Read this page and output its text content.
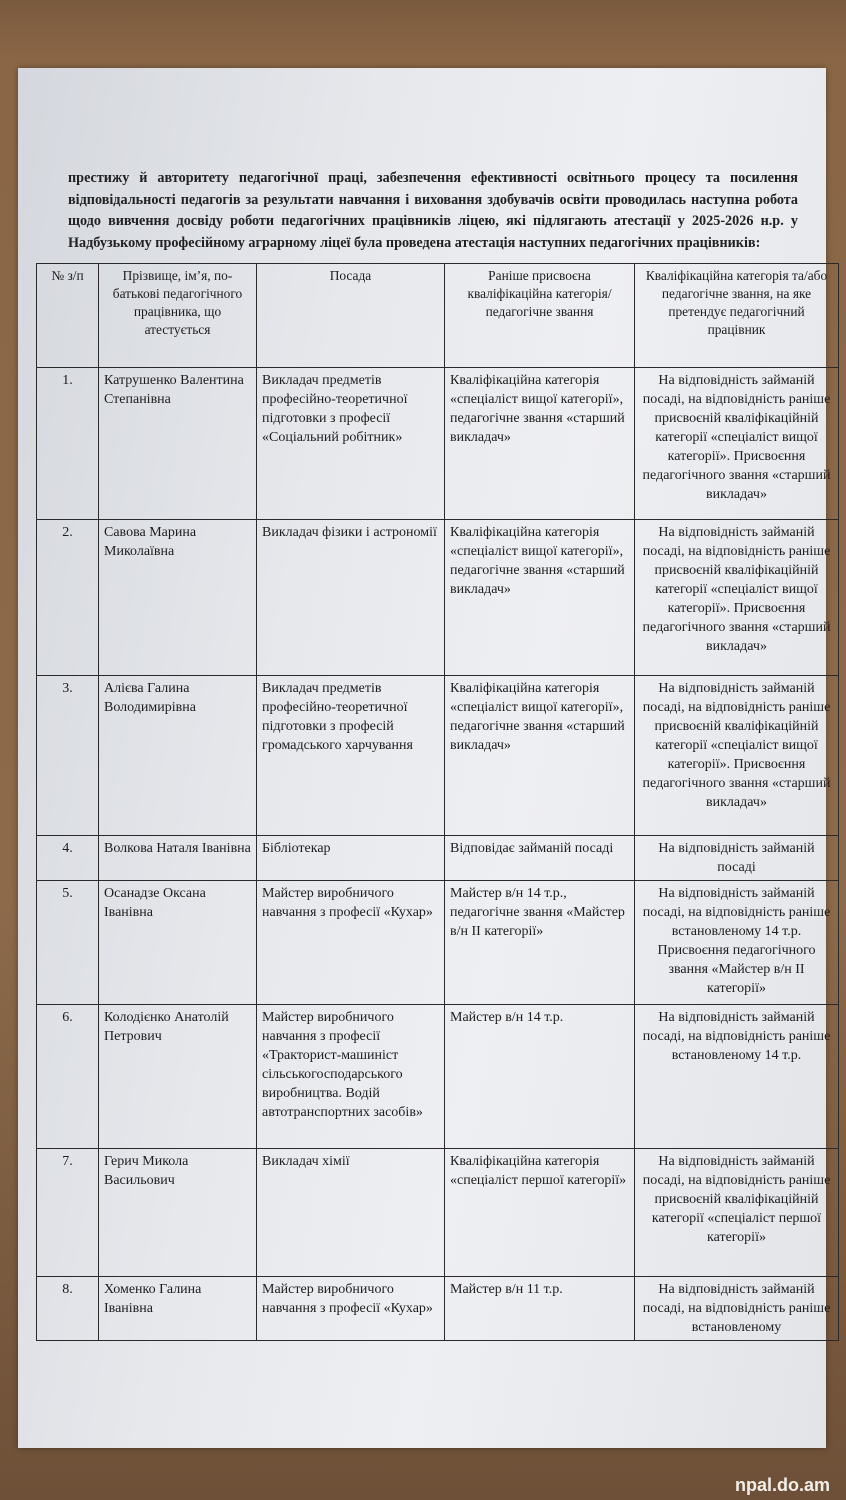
престижу й авторитету педагогічної праці, забезпечення ефективності освітнього процесу та посилення відповідальності педагогів за результати навчання і виховання здобувачів освіти проводилась наступна робота щодо вивчення досвіду роботи педагогічних працівників ліцею, які підлягають атестації у 2025-2026 н.р. у Надбузькому професійному аграрному ліцеї була проведена атестація наступних педагогічних працівників:
№ з/п	Прізвище, ім’я, по-батькові педагогічного працівника, що атестується	Посада	Раніше присвоєна кваліфікаційна категорія/ педагогічне звання	Кваліфікаційна категорія та/або педагогічне звання, на яке претендує педагогічний працівник
1.	Катрушенко Валентина Степанівна	Викладач предметів професійно-теоретичної підготовки з професії «Соціальний робітник»	Кваліфікаційна категорія «спеціаліст вищої категорії», педагогічне звання «старший викладач»	На відповідність займаній посаді, на відповідність раніше присвоєній кваліфікаційній категорії «спеціаліст вищої категорії». Присвоєння педагогічного звання «старший викладач»
2.	Савова Марина Миколаївна	Викладач фізики і астрономії	Кваліфікаційна категорія «спеціаліст вищої категорії», педагогічне звання «старший викладач»	На відповідність займаній посаді, на відповідність раніше присвоєній кваліфікаційній категорії «спеціаліст вищої категорії». Присвоєння педагогічного звання «старший викладач»
3.	Алієва Галина Володимирівна	Викладач предметів професійно-теоретичної підготовки з професій громадського харчування	Кваліфікаційна категорія «спеціаліст вищої категорії», педагогічне звання «старший викладач»	На відповідність займаній посаді, на відповідність раніше присвоєній кваліфікаційній категорії «спеціаліст вищої категорії». Присвоєння педагогічного звання «старший викладач»
4.	Волкова Наталя Іванівна	Бібліотекар	Відповідає займаній посаді	На відповідність займаній посаді
5.	Осанадзе Оксана Іванівна	Майстер виробничого навчання з професії «Кухар»	Майстер в/н 14 т.р., педагогічне звання «Майстер в/н ІІ категорії»	На відповідність займаній посаді, на відповідність раніше встановленому 14 т.р. Присвоєння педагогічного звання «Майстер в/н ІІ категорії»
6.	Колодієнко Анатолій Петрович	Майстер виробничого навчання з професії «Тракторист-машиніст сільськогосподарського виробництва. Водій автотранспортних засобів»	Майстер в/н 14 т.р.	На відповідність займаній посаді, на відповідність раніше встановленому 14 т.р.
7.	Герич Микола Васильович	Викладач хімії	Кваліфікаційна категорія «спеціаліст першої категорії»	На відповідність займаній посаді, на відповідність раніше присвоєній кваліфікаційній категорії «спеціаліст першої категорії»
8.	Хоменко Галина Іванівна	Майстер виробничого навчання з професії «Кухар»	Майстер в/н 11 т.р.	На відповідність займаній посаді, на відповідність раніше встановленому
npal.do.am
